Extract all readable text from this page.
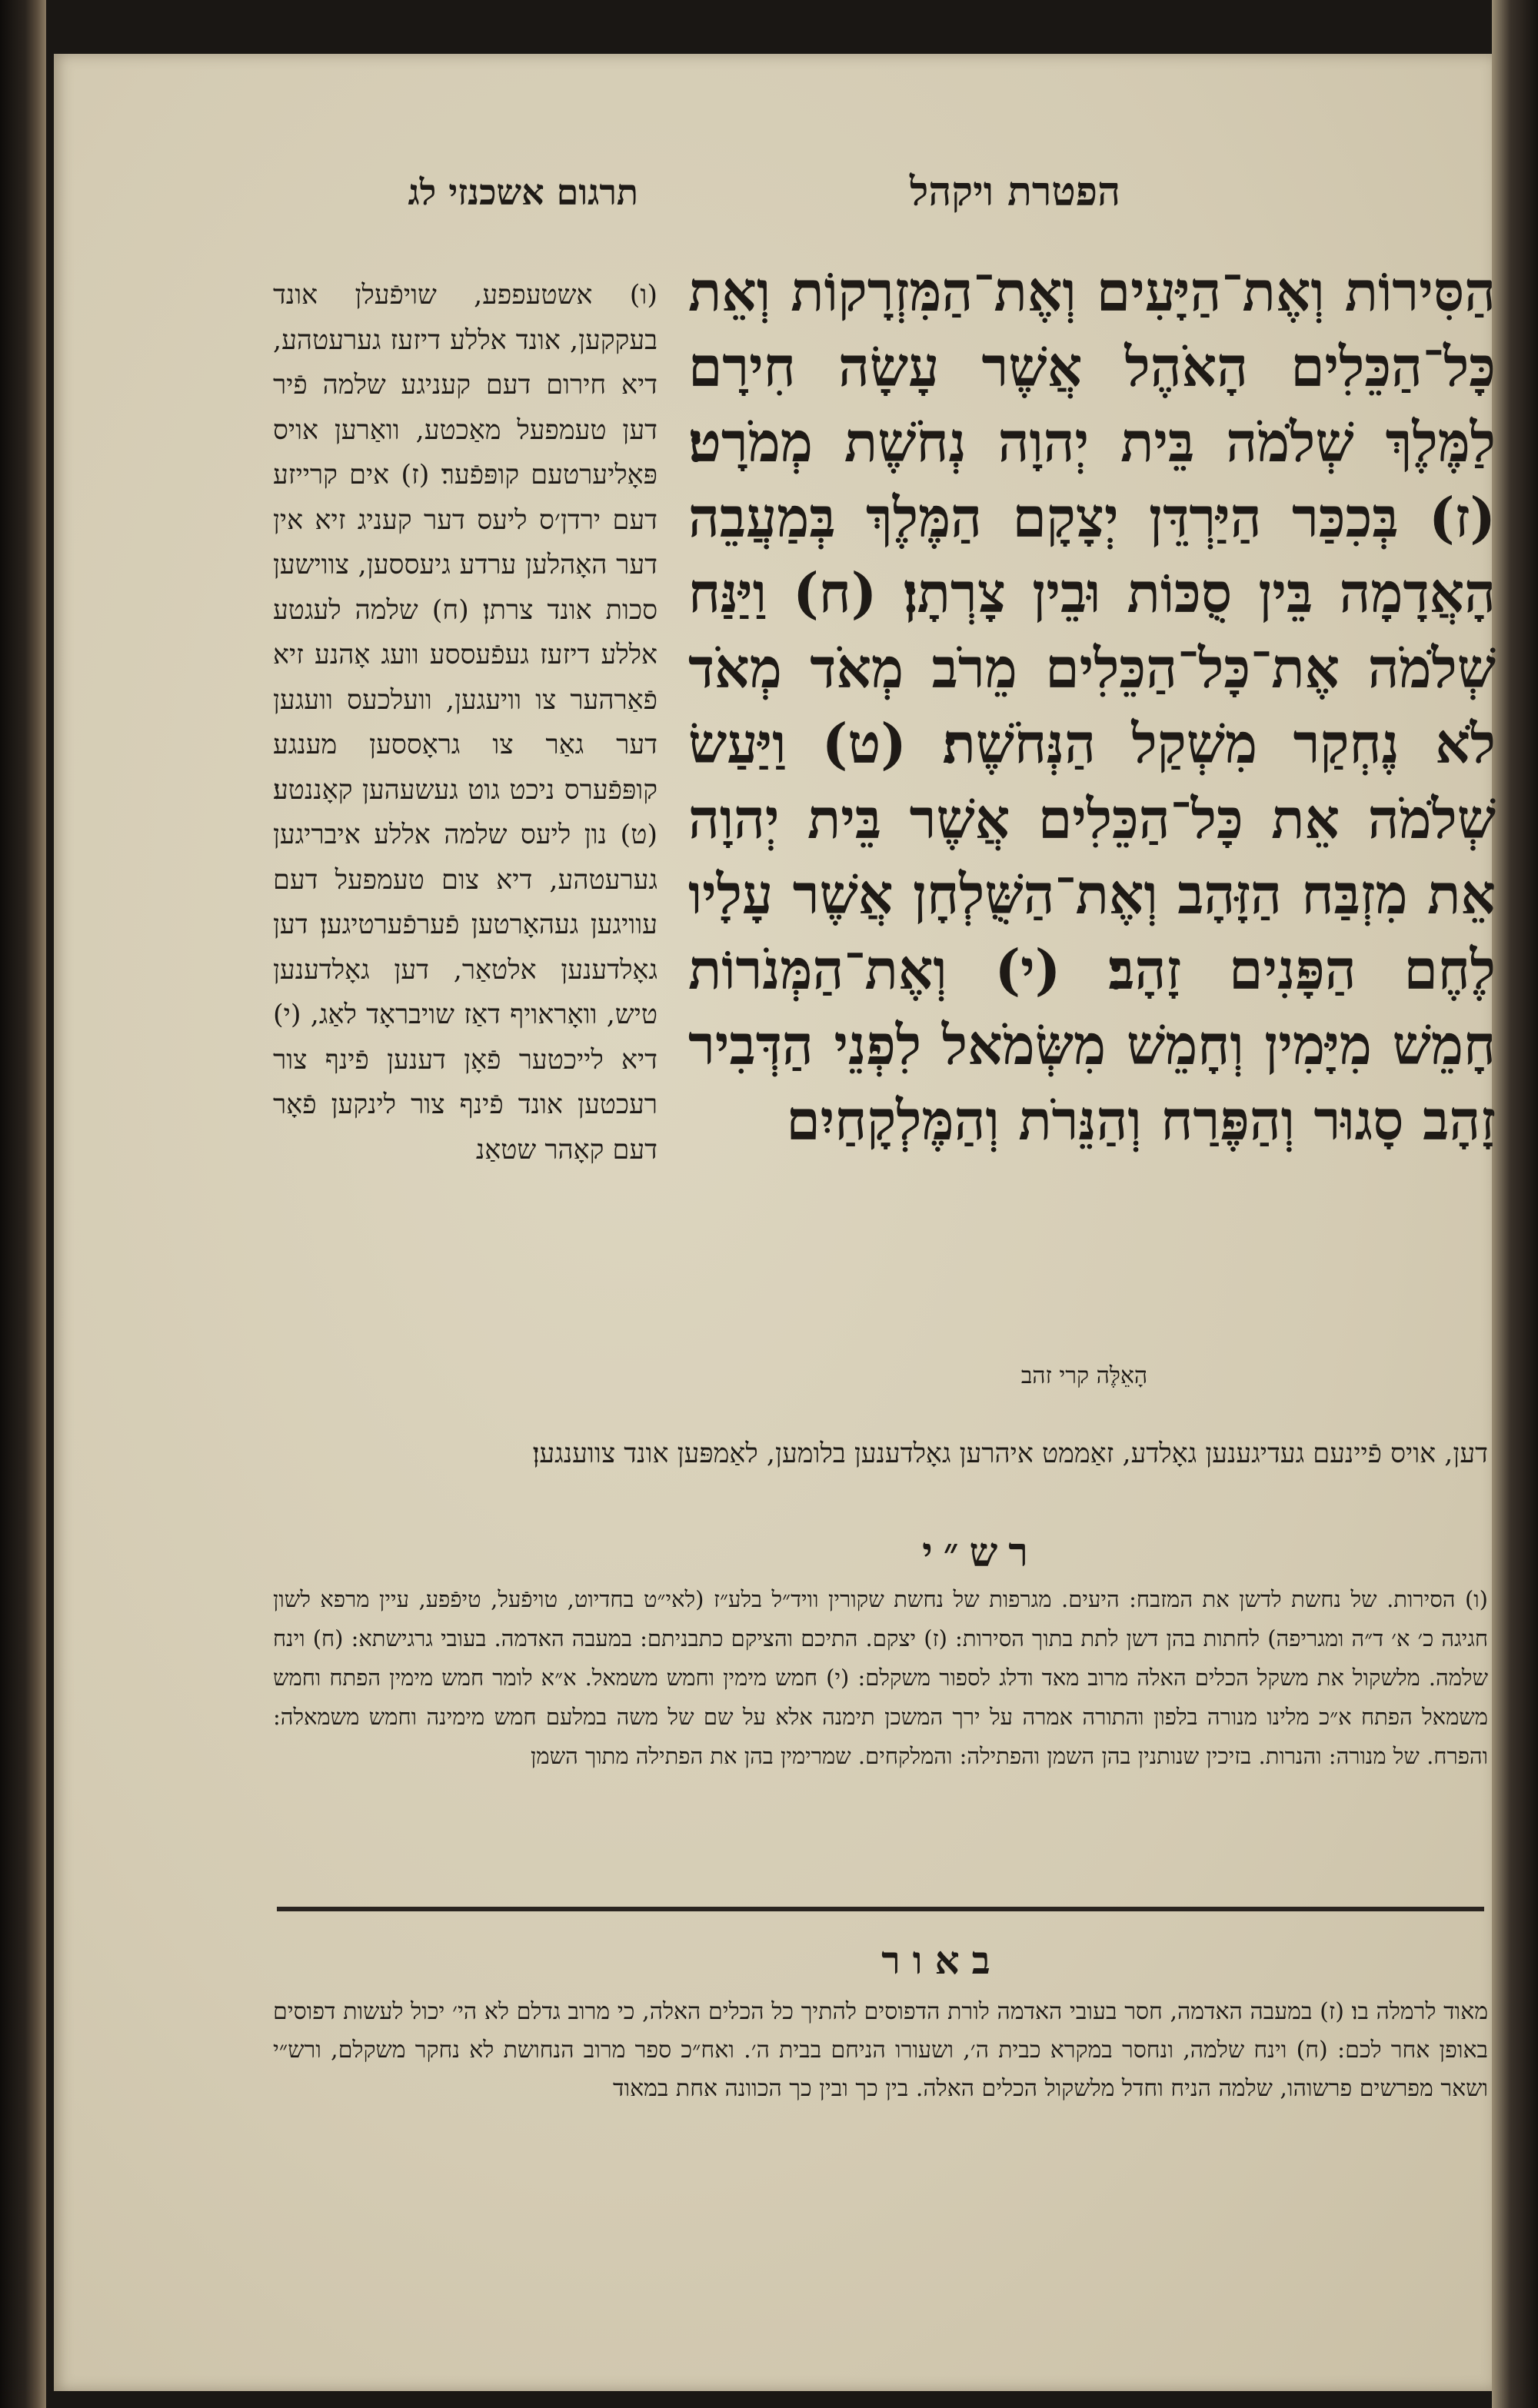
הפטרת ויקהל
תרגום אשכנזי לג
הַסִּירוֹת וְאֶת־הַיָּעִים וְאֶת־הַמִּזְרָקוֹת וְאֵת כָּל־הַכֵּלִים הָאֹהֶל אֲשֶׁר עָשָׂה חִירָם לַמֶּלֶךְ שְׁלֹמֹה בֵּית יְהוָה נְחֹשֶׁת מְמֹרָט׃ (ז) בְּכִכַּר הַיַּרְדֵּן יְצָקָם הַמֶּלֶךְ בְּמַעֲבֵה הָאֲדָמָה בֵּין סֻכּוֹת וּבֵין צָרְתָן׃ (ח) וַיַּנַּח שְׁלֹמֹה אֶת־כָּל־הַכֵּלִים מֵרֹב מְאֹד מְאֹד לֹא נֶחְקַר מִשְׁקַל הַנְּחֹשֶׁת׃ (ט) וַיַּעַשׂ שְׁלֹמֹה אֵת כָּל־הַכֵּלִים אֲשֶׁר בֵּית יְהוָה אֵת מִזְבַּח הַזָּהָב וְאֶת־הַשֻּׁלְחָן אֲשֶׁר עָלָיו לֶחֶם הַפָּנִים זָהָב׃ (י) וְאֶת־הַמְּנֹרוֹת חָמֵשׁ מִיָּמִין וְחָמֵשׁ מִשְּׂמֹאל לִפְנֵי הַדְּבִיר זָהָב סָגוּר וְהַפֶּרַח וְהַנֵּרֹת וְהַמֶּלְקָחַיִם
הָאֵלֶּה קרי זהב
(ו) אשטעפפע, שויפֿעלן אונד בעקקען, אונד אללע דיזעז גערעטהע, דיא חירום דעם קעניגע שלמה פֿיר דען טעמפעל מאַכטע, וואַרען אויס פּאָליערטעם קופּפֿער׃ (ז) אים קרייזע דעם ירדן׳ס ליעס דער קעניג זיא אין דער האָהלען ערדע גיעססען, צווישען סכות אונד צרתן׃ (ח) שלמה לעגטע אללע דיזעז געפֿעססע וועג אָהנע זיא פֿאַרהער צו וויעגען, וועלכעס וועגען דער גאַר צו גראָססען מענגע קופּפֿערס ניכט גוט געשעהען קאָננטע׃ (ט) נון ליעס שלמה אללע איבריגען גערעטהע, דיא צום טעמפעל דעם עוויגען געהאָרטען פֿערפֿערטיגען׃ דען גאָלדענען אלטאַר, דען גאָלדענען טיש, וואָראויף דאַז שויבראָד לאַג, (י) דיא לייכטער פֿאָן דענען פֿינף צור רעכטען אונד פֿינף צור לינקען פֿאָר דעם קאָהר שטאַנ
דען, אויס פֿיינעם געדיגענען גאָלדע, זאַממט איהרען גאָלדענען בלומען, לאַמפּען אונד צווענגען׃
רש״י
(ו) הסירות. של נחשת לדשן את המזבח: היעים. מגרפות של נחשת שקורין וויד״ל בלע״ז (לאי״ט בחדיוט, טויפֿעל, טיפֿפע, עיין מרפא לשון חגיגה כ׳ א׳ ד״ה ומגריפה) לחתות בהן דשן לתת בתוך הסירות: (ז) יצקם. התיכם והציקם כתבניתם: במעבה האדמה. בעובי גרגישתא: (ח) וינח שלמה. מלשקול את משקל הכלים האלה מרוב מאד ודלג לספור משקלם: (י) חמש מימין וחמש משמאל. א״א לומר חמש מימין הפתח וחמש משמאל הפתח א״כ מלינו מנורה בלפון והתורה אמרה על ירך המשכן תימנה אלא על שם של משה במלעם חמש מימינה וחמש משמאלה: והפרח. של מנורה: והנרות. בזיכין שנותנין בהן השמן והפתילה: והמלקחים. שמרימין בהן את הפתילה מתוך השמן
באור
מאוד לרמלה בו׃ (ז) במעבה האדמה, חסר בעובי האדמה לורת הדפוסים להתיך כל הכלים האלה, כי מרוב גדלם לא הי׳ יכול לעשות דפוסים באופן אחר לכם: (ח) וינח שלמה, ונחסר במקרא כבית ה׳, ושעורו הניחם בבית ה׳. ואח״כ ספר מרוב הנחושת לא נחקר משקלם, ורש״י ושאר מפרשים פרשוהו, שלמה הניח וחדל מלשקול הכלים האלה. בין כך ובין כך הכוונה אחת במאוד
